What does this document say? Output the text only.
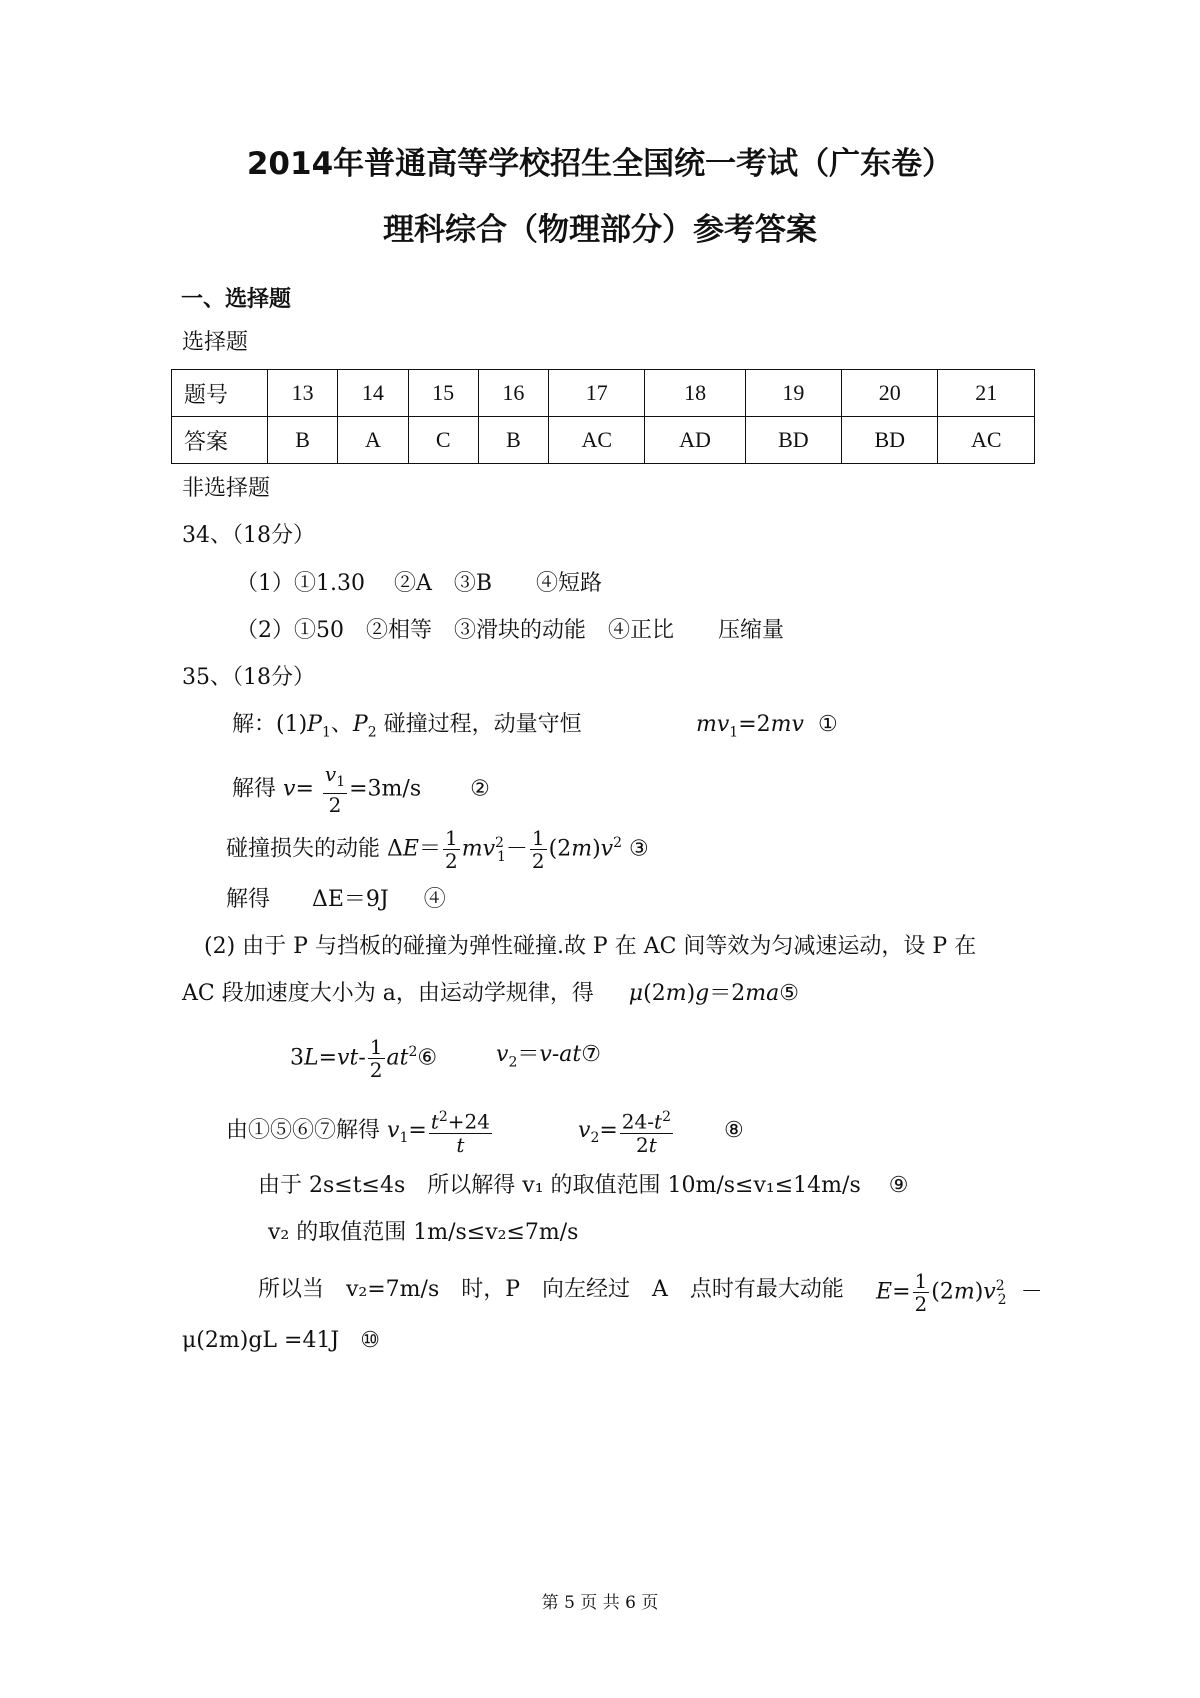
2014年普通高等学校招生全国统一考试（广东卷）
理科综合（物理部分）参考答案
一、选择题
选择题
题号	13	14	15	16	17	18	19	20	21
答案	B	A	C	B	AC	AD	BD	BD	AC
非选择题
34、（18分）
（1）①1.30　 ②A　③B　　④短路
（2）①50　②相等　③滑块的动能　④正比　　压缩量
35、（18分）
解：$(1)P_1$、$P_2$ 碰撞过程，动量守恒	$mv_1=2mv$ ①
解得 $v= \frac{v_1}{2} =3m/s$ ②
碰撞损失的动能 $\Delta E= \frac{1}{2} mv^2_1- \frac{1}{2} (2m)v^2$ ③
解得 ΔE＝9J ④
(2) 由于 P 与挡板的碰撞为弹性碰撞.故 P 在 AC 间等效为匀减速运动，设 P 在
AC 段加速度大小为 a，由运动学规律，得 μ(2m)g＝2ma⑤
$3L=vt- \frac{1}{2}$ $at^2⑥$	$v_2=v$-at⑦
由①⑤⑥⑦解得 $v_1= \frac{t^2+24}{t}$	$v_2= \frac{24-t^2}{2t}$ ⑧
由于 2s≤t≤4s　所以解得 v₁ 的取值范围 10m/s≤v₁≤14m/s ⑨
v₂ 的取值范围 1m/s≤v₂≤7m/s
所以当　v₂=7m/s　时，P　向左经过　A　点时有最大动能 $E= \frac{1}{2} (2m)v^2_2$  －
μ(2m)gL =41J ⑩
第 5 页 共 6 页
